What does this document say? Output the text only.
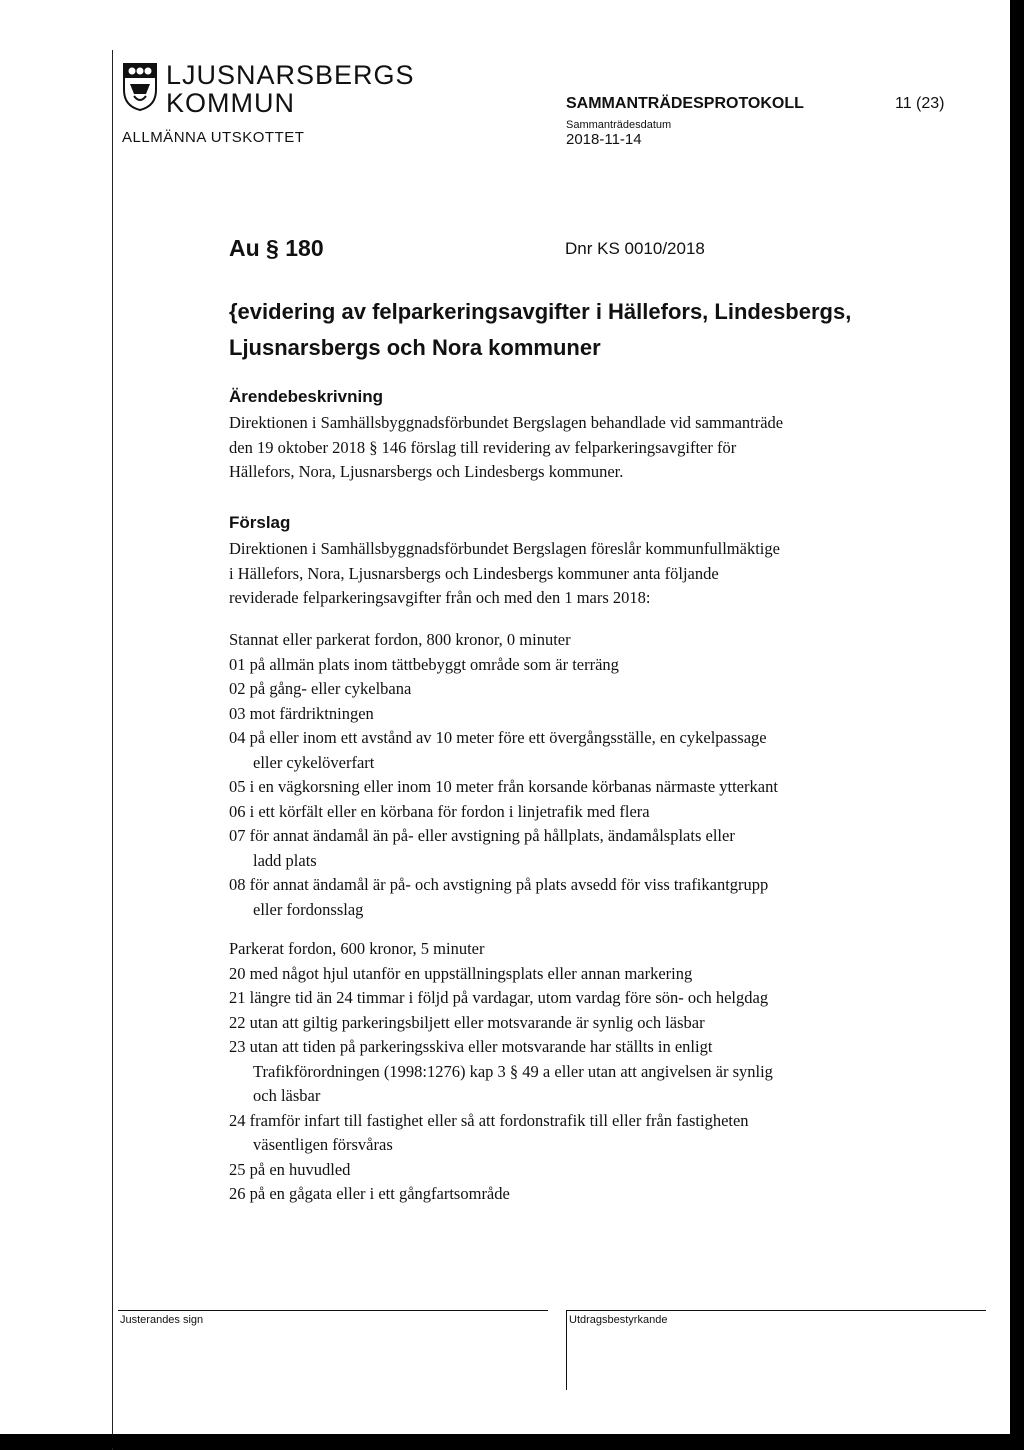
LJUSNARSBERGS
KOMMUN
ALLMÄNNA UTSKOTTET
SAMMANTRÄDESPROTOKOLL
Sammanträdesdatum
2018-11-14
11 (23)
Au § 180	Dnr KS 0010/2018
{evidering av felparkeringsavgifter i Hällefors, Lindesbergs,
Ljusnarsbergs och Nora kommuner
Ärendebeskrivning
Direktionen i Samhällsbyggnadsförbundet Bergslagen behandlade vid sammanträde
den 19 oktober 2018 § 146 förslag till revidering av felparkeringsavgifter för
Hällefors, Nora, Ljusnarsbergs och Lindesbergs kommuner.
Förslag
Direktionen i Samhällsbyggnadsförbundet Bergslagen föreslår kommunfullmäktige
i Hällefors, Nora, Ljusnarsbergs och Lindesbergs kommuner anta följande
reviderade felparkeringsavgifter från och med den 1 mars 2018:
Stannat eller parkerat fordon, 800 kronor, 0 minuter
01 på allmän plats inom tättbebyggt område som är terräng
02 på gång- eller cykelbana
03 mot färdriktningen
04 på eller inom ett avstånd av 10 meter före ett övergångsställe, en cykelpassage
eller cykelöverfart
05 i en vägkorsning eller inom 10 meter från korsande körbanas närmaste ytterkant
06 i ett körfält eller en körbana för fordon i linjetrafik med flera
07 för annat ändamål än på- eller avstigning på hållplats, ändamålsplats eller
ladd plats
08 för annat ändamål är på- och avstigning på plats avsedd för viss trafikantgrupp
eller fordonsslag
Parkerat fordon, 600 kronor, 5 minuter
20 med något hjul utanför en uppställningsplats eller annan markering
21 längre tid än 24 timmar i följd på vardagar, utom vardag före sön- och helgdag
22 utan att giltig parkeringsbiljett eller motsvarande är synlig och läsbar
23 utan att tiden på parkeringsskiva eller motsvarande har ställts in enligt
Trafikförordningen (1998:1276) kap 3 § 49 a eller utan att angivelsen är synlig
och läsbar
24 framför infart till fastighet eller så att fordonstrafik till eller från fastigheten
väsentligen försvåras
25 på en huvudled
26 på en gågata eller i ett gångfartsområde
Justerandes sign	Utdragsbestyrkande
